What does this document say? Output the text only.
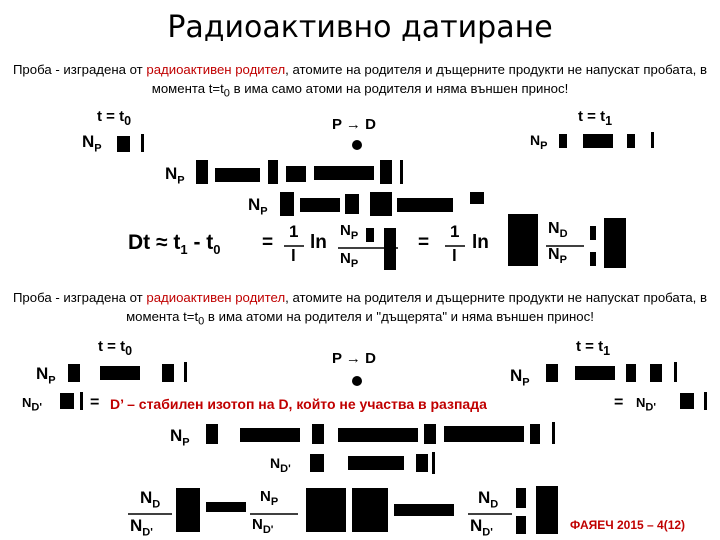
Радиоактивно датиране
Проба - изградена от радиоактивен родител, атомите на родителя и дъщерните продукти не напускат пробата, в момента $t=t_0$ в има само атоми на родителя и няма външен принос!
$t = t_0$	$t = t_1$
P → D
$N_P$
$N_P$
$N_P$
$N_P$
$Dt \approx t_1 - t_0$ =
1
l
ln
$N_P$
$N_P$
=
1
l
ln
$N_D$
$N_P$
Проба - изградена от радиоактивен родител, атомите на родителя и дъщерните продукти не напускат пробата, в момента $t=t_0$ в има атоми на родителя и "дъщерята" и няма външен принос!
$t = t_0$	$t = t_1$
P → D
$N_P$
$N_{D'}$	= D’ – стабилен изотоп на D, който не участва в разпада	= $N_{D'}$
$N_P$
$N_P$
$N_{D'}$
$N_D$
$N_{D'}$
$N_P$
$N_{D'}$
$N_D$
$N_{D'}$
ФАЯЕЧ 2015 – 4(12)
